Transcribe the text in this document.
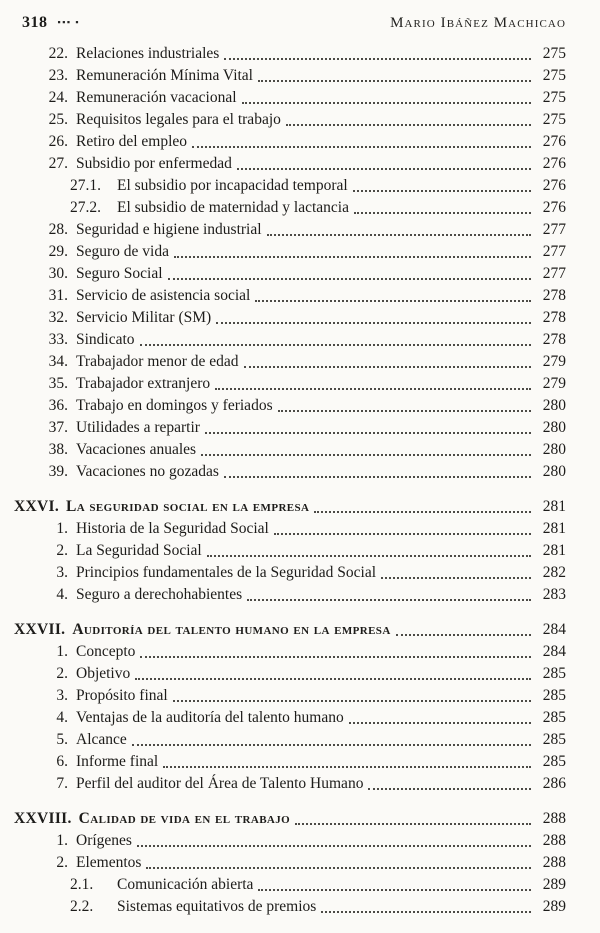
318 ▪▪▪ ▪	Mario Ibáñez Machicao
22. Relaciones industriales	275
23. Remuneración Mínima Vital	275
24. Remuneración vacacional	275
25. Requisitos legales para el trabajo	275
26. Retiro del empleo	276
27. Subsidio por enfermedad	276
27.1.	El subsidio por incapacidad temporal	276
27.2.	El subsidio de maternidad y lactancia	276
28. Seguridad e higiene industrial	277
29. Seguro de vida	277
30. Seguro Social	277
31. Servicio de asistencia social	278
32. Servicio Militar (SM)	278
33. Sindicato	278
34. Trabajador menor de edad	279
35. Trabajador extranjero	279
36. Trabajo en domingos y feriados	280
37. Utilidades a repartir	280
38. Vacaciones anuales	280
39. Vacaciones no gozadas	280
XXVI. La seguridad social en la empresa	281
1. Historia de la Seguridad Social	281
2. La Seguridad Social	281
3. Principios fundamentales de la Seguridad Social	282
4. Seguro a derechohabientes	283
XXVII. Auditoría del talento humano en la empresa	284
1. Concepto	284
2. Objetivo	285
3. Propósito final	285
4. Ventajas de la auditoría del talento humano	285
5. Alcance	285
6. Informe final	285
7. Perfil del auditor del Área de Talento Humano	286
XXVIII. Calidad de vida en el trabajo	288
1. Orígenes	288
2. Elementos	288
2.1.	Comunicación abierta	289
2.2.	Sistemas equitativos de premios	289
